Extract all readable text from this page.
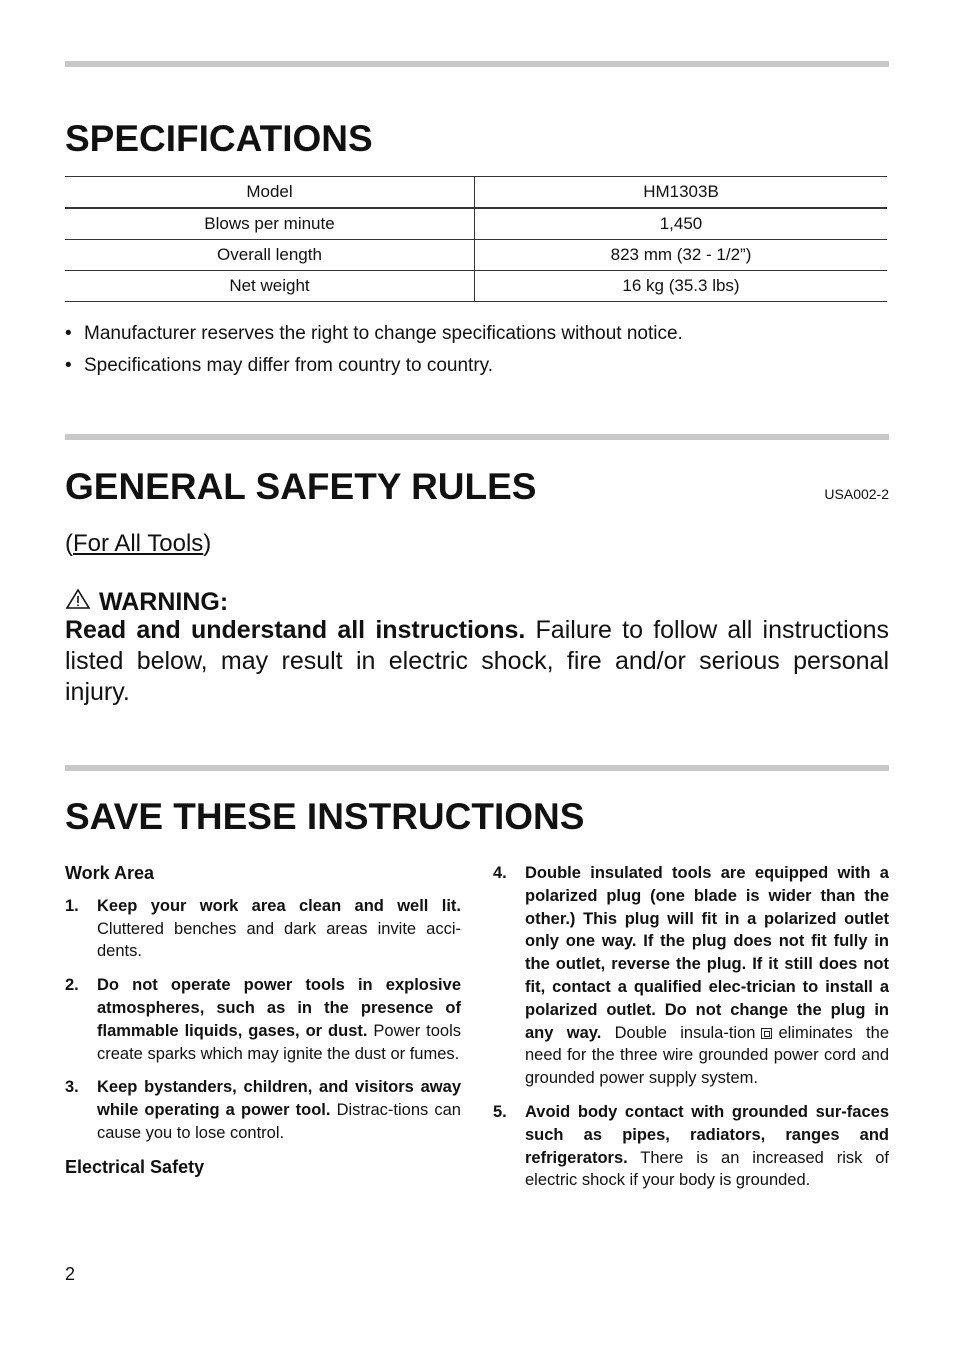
SPECIFICATIONS
Model	HM1303B
Blows per minute	1,450
Overall length	823 mm (32 - 1/2”)
Net weight	16 kg (35.3 lbs)
• Manufacturer reserves the right to change specifications without notice.
• Specifications may differ from country to country.
GENERAL SAFETY RULES	USA002-2
(For All Tools)
WARNING:

Read and understand all instructions. Failure to follow all instructions listed below, may result in electric shock, fire and/or serious personal injury.

SAVE THESE INSTRUCTIONS
Work Area
1.	Keep your work area clean and well lit. Cluttered benches and dark areas invite acci-dents.
2.	Do not operate power tools in explosive atmospheres, such as in the presence of flammable liquids, gases, or dust. Power tools create sparks which may ignite the dust or fumes.
3.	Keep bystanders, children, and visitors away while operating a power tool. Distrac-tions can cause you to lose control.
Electrical Safety
4.	Double insulated tools are equipped with a polarized plug (one blade is wider than the other.) This plug will fit in a polarized outlet only one way. If the plug does not fit fully in the outlet, reverse the plug. If it still does not fit, contact a qualified elec-trician to install a polarized outlet. Do not change the plug in any way. Double insula-tion eliminates the need for the three wire grounded power cord and grounded power supply system.
5.	Avoid body contact with grounded sur-faces such as pipes, radiators, ranges and refrigerators. There is an increased risk of electric shock if your body is grounded.
2
